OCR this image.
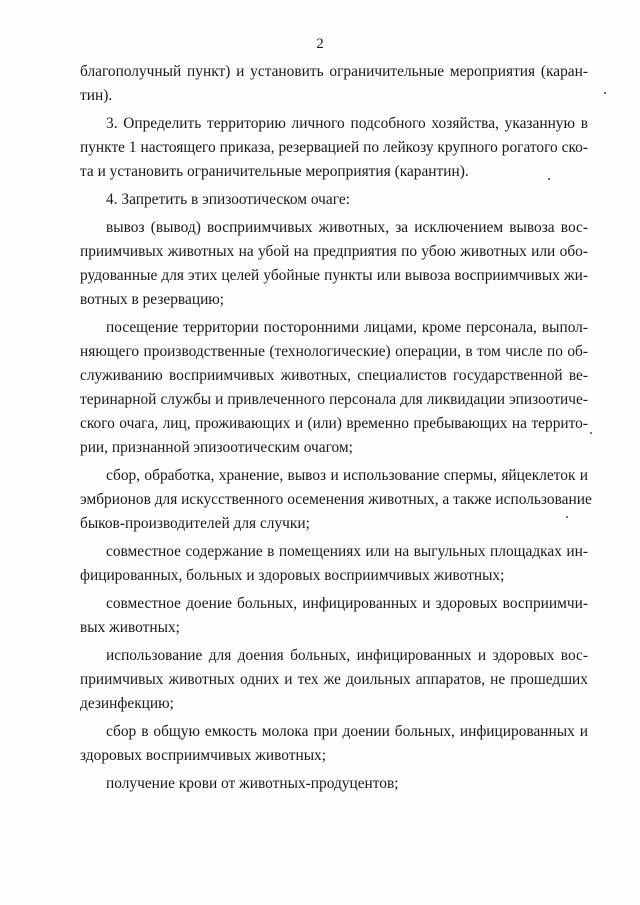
2
благополучный пункт) и установить ограничительные мероприятия (каран-
тин).
3. Определить территорию личного подсобного хозяйства, указанную в
пункте 1 настоящего приказа, резервацией по лейкозу крупного рогатого ско-
та и установить ограничительные мероприятия (карантин).
4. Запретить в эпизоотическом очаге:
вывоз (вывод) восприимчивых животных, за исключением вывоза вос-
приимчивых животных на убой на предприятия по убою животных или обо-
рудованные для этих целей убойные пункты или вывоза восприимчивых жи-
вотных в резервацию;
посещение территории посторонними лицами, кроме персонала, выпол-
няющего производственные (технологические) операции, в том числе по об-
служиванию восприимчивых животных, специалистов государственной ве-
теринарной службы и привлеченного персонала для ликвидации эпизоотиче-
ского очага, лиц, проживающих и (или) временно пребывающих на террито-
рии, признанной эпизоотическим очагом;
сбор, обработка, хранение, вывоз и использование спермы, яйцеклеток и
эмбрионов для искусственного осеменения животных, а также использование
быков-производителей для случки;
совместное содержание в помещениях или на выгульных площадках ин-
фицированных, больных и здоровых восприимчивых животных;
совместное доение больных, инфицированных и здоровых восприимчи-
вых животных;
использование для доения больных, инфицированных и здоровых вос-
приимчивых животных одних и тех же доильных аппаратов, не прошедших
дезинфекцию;
сбор в общую емкость молока при доении больных, инфицированных и
здоровых восприимчивых животных;
получение крови от животных-продуцентов;
